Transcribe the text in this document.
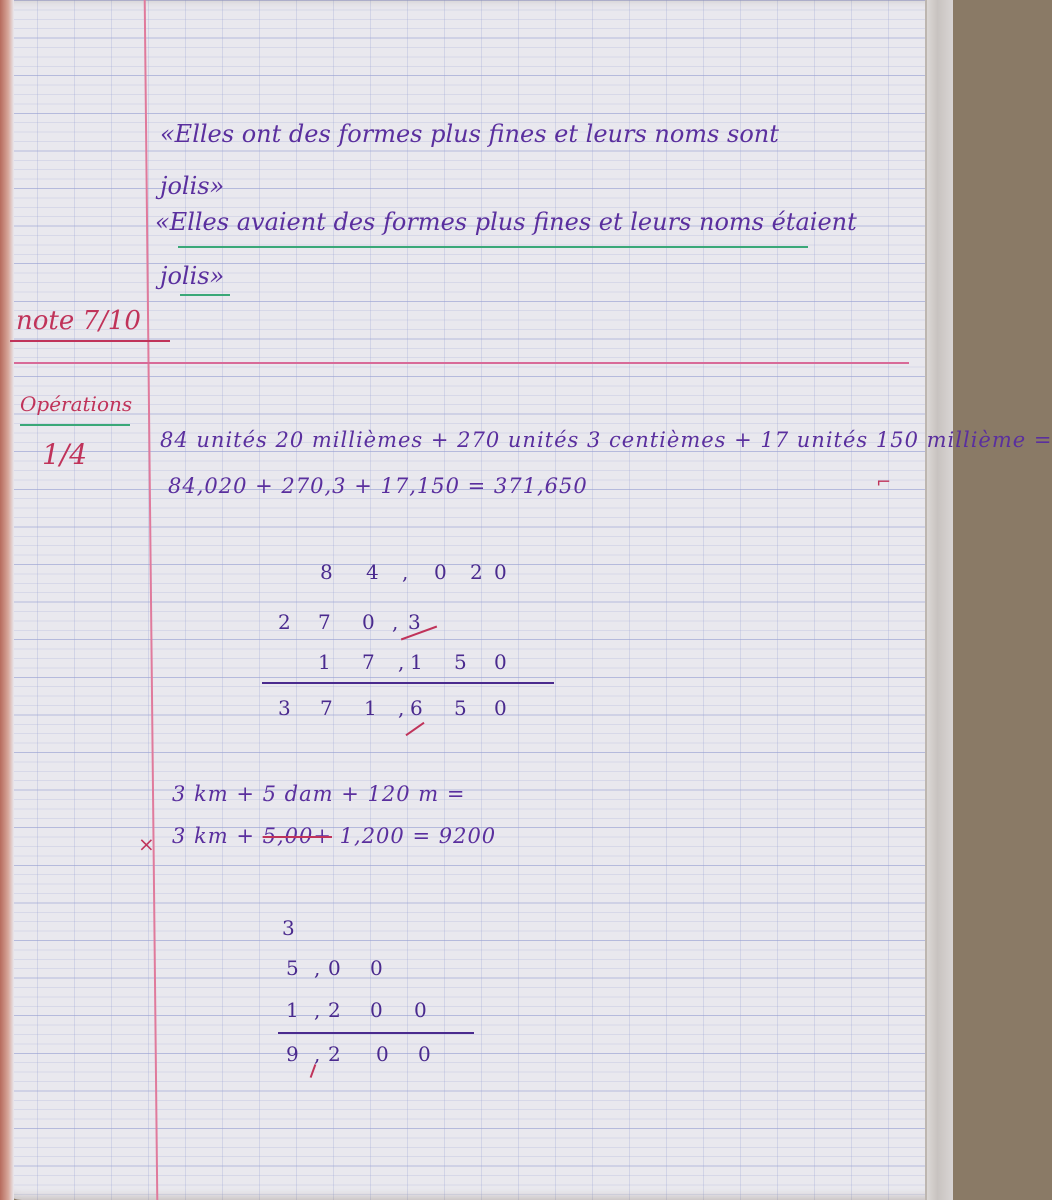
«Elles ont des formes plus fines et leurs noms sont

jolis»

«Elles avaient des formes plus fines et leurs noms étaient

jolis»

note 7/10

Opérations

1/4	84 unités 20 millièmes + 270 unités 3 centièmes + 17 unités 150 millième =

84,020 + 270,3 + 17,150 = 371,650	⌐

3 km + 5 dam + 120 m =

× 3 km + 5,00+ 1,200 = 9200

8 4 , 0 2 0
2 7 0 , 3
1 7 , 1 5 0
3 7 1 , 6 5 0
3
5 , 0 0
1 , 2 0 0
9 , 2 0 0
